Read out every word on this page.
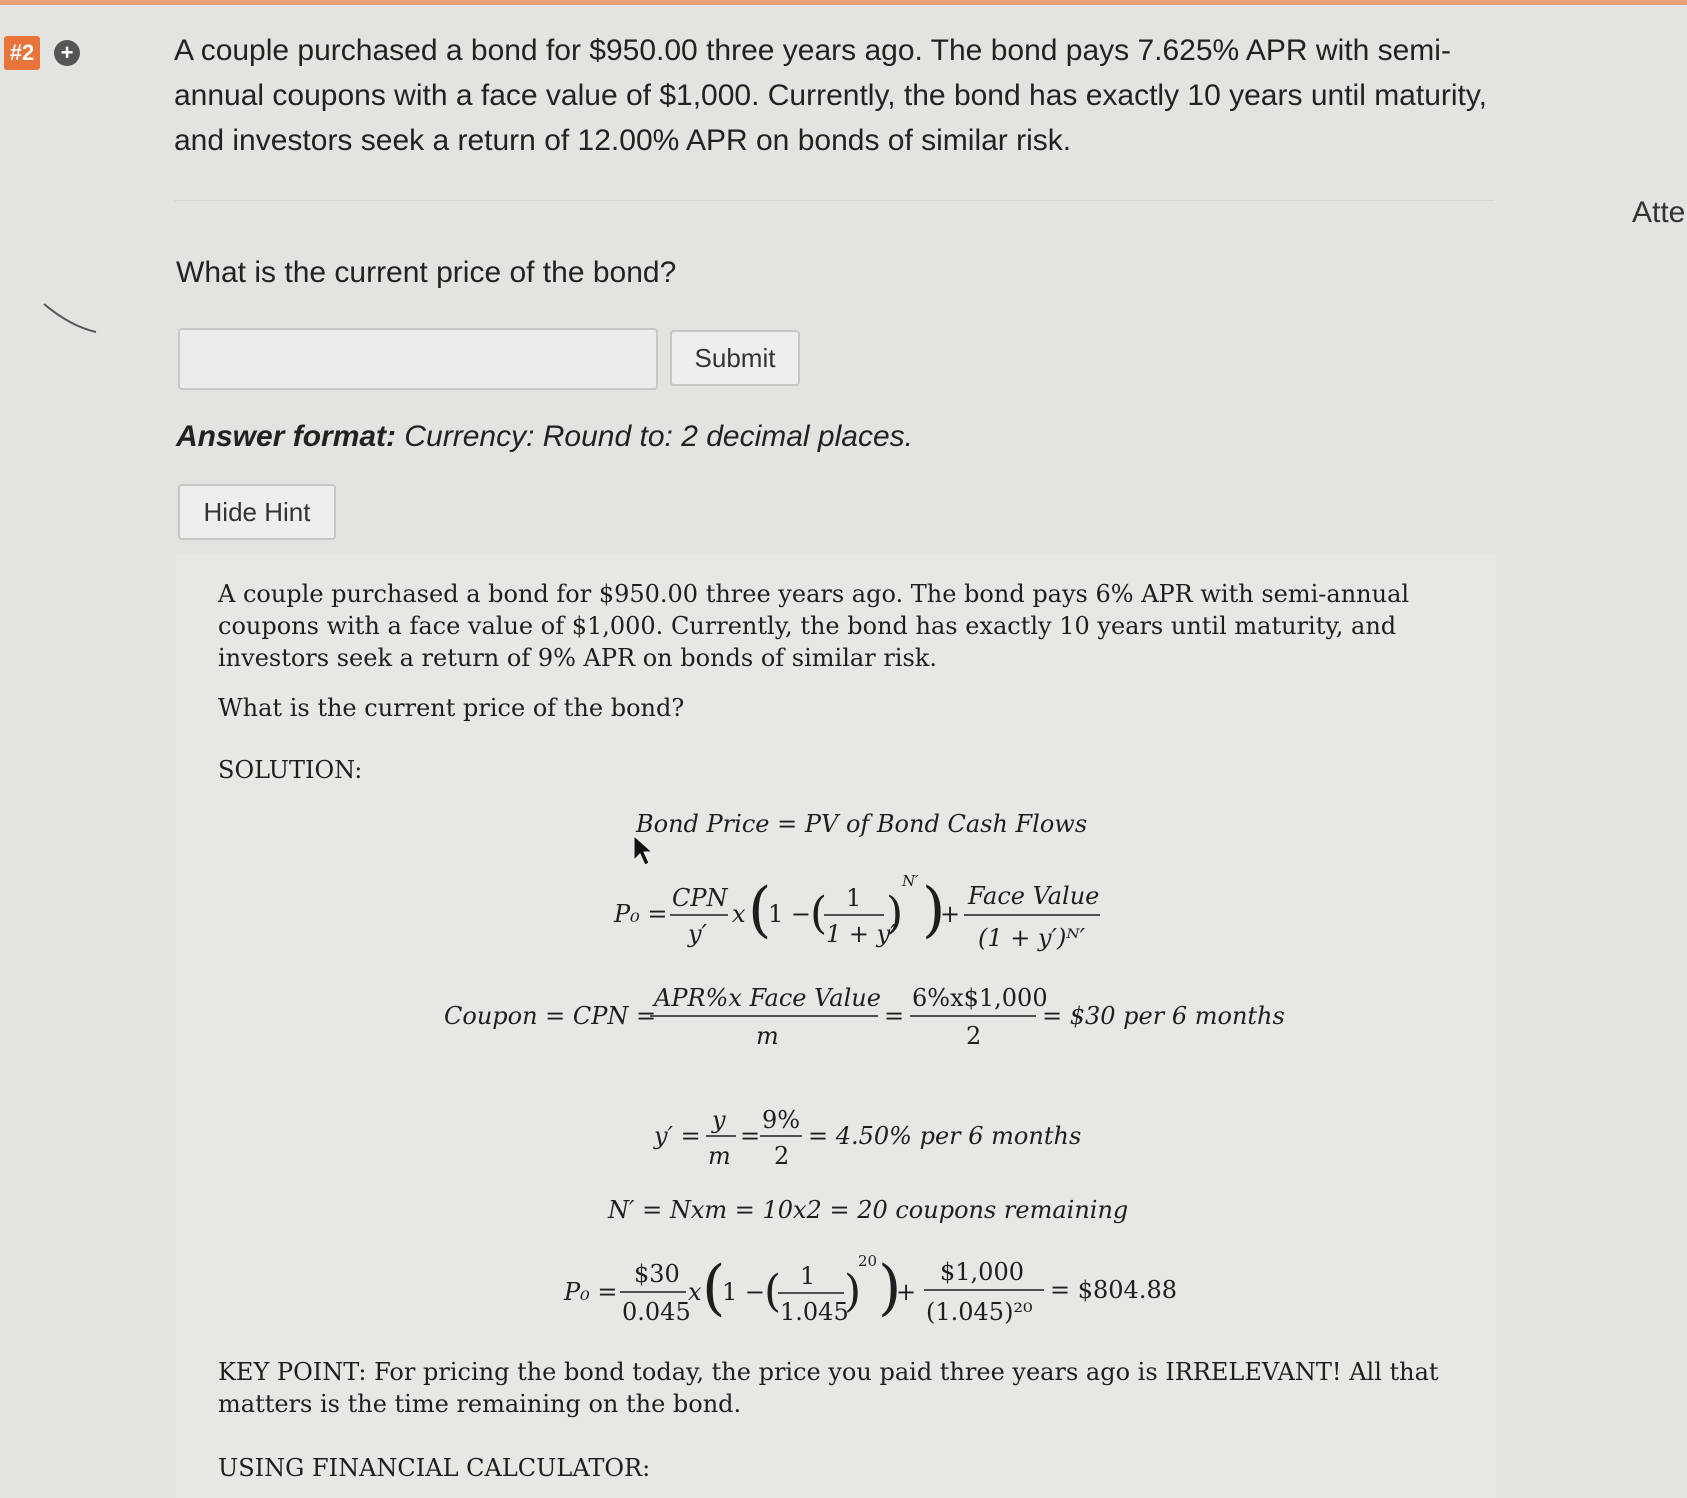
#2 +	A couple purchased a bond for $950.00 three years ago. The bond pays 7.625% APR with semi-annual coupons with a face value of $1,000. Currently, the bond has exactly 10 years until maturity, and investors seek a return of 12.00% APR on bonds of similar risk.
Atte
What is the current price of the bond?
Submit
Answer format: Currency: Round to: 2 decimal places.
Hide Hint
A couple purchased a bond for $950.00 three years ago. The bond pays 6% APR with semi-annual coupons with a face value of $1,000. Currently, the bond has exactly 10 years until maturity, and investors seek a return of 9% APR on bonds of similar risk.
What is the current price of the bond?
SOLUTION:
Bond Price = PV of Bond Cash Flows
P₀ =
CPN
y′
x (
1 −
( 1
1 + y′
)
N′ )
+
Face Value
(1 + y′)ᴺ′
Coupon = CPN =
APR%x Face Value
m
=
6%x$1,000
2
= $30 per 6 months
y′ =
y
m
=
9%
2
= 4.50% per 6 months
N′ = Nxm = 10x2 = 20 coupons remaining
P₀ =
$30
0.045
x (
1 −
( 1
1.045
)
20 )
+
$1,000
(1.045)²⁰
= $804.88
KEY POINT: For pricing the bond today, the price you paid three years ago is IRRELEVANT! All that matters is the time remaining on the bond.
USING FINANCIAL CALCULATOR:
